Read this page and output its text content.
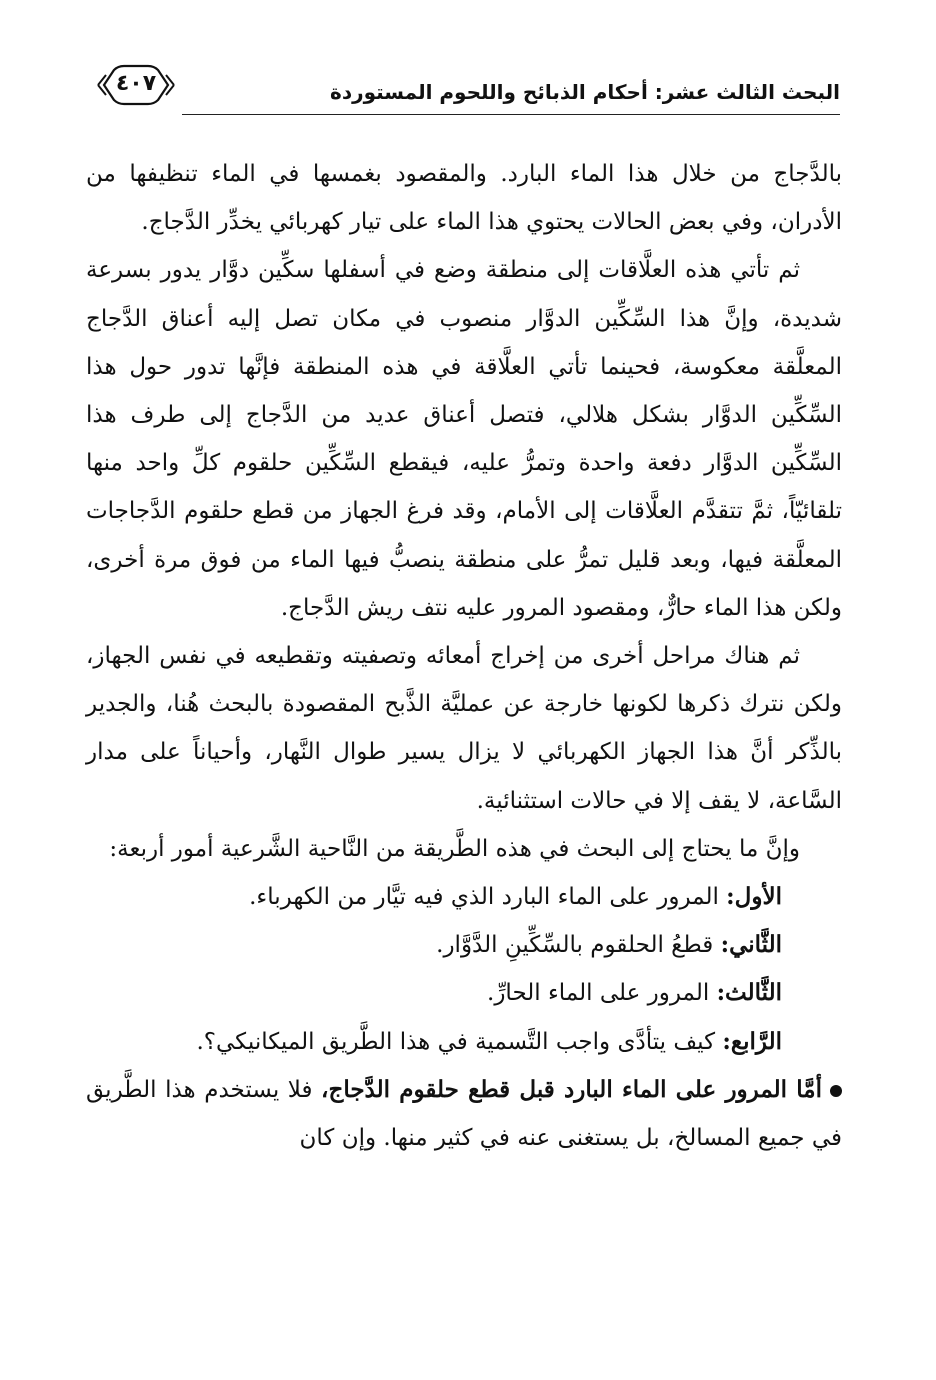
٤٠٧	البحث الثالث عشر: أحكام الذبائح واللحوم المستوردة

بالدَّجاج من خلال هذا الماء البارد. والمقصود بغمسها في الماء تنظيفها من الأدران، وفي بعض الحالات يحتوي هذا الماء على تيار كهربائي يخدِّر الدَّجاج.

ثم تأتي هذه العلَّاقات إلى منطقة وضع في أسفلها سكِّين دوَّار يدور بسرعة شديدة، وإنَّ هذا السِّكِّين الدوَّار منصوب في مكان تصل إليه أعناق الدَّجاج المعلَّقة معكوسة، فحينما تأتي العلَّاقة في هذه المنطقة فإنَّها تدور حول هذا السِّكِّين الدوَّار بشكل هلالي، فتصل أعناق عديد من الدَّجاج إلى طرف هذا السِّكِّين الدوَّار دفعة واحدة وتمرُّ عليه، فيقطع السِّكِّين حلقوم كلِّ واحد منها تلقائيّاً، ثمَّ تتقدَّم العلَّاقات إلى الأمام، وقد فرغ الجهاز من قطع حلقوم الدَّجاجات المعلَّقة فيها، وبعد قليل تمرُّ على منطقة ينصبُّ فيها الماء من فوق مرة أخرى، ولكن هذا الماء حارٌّ، ومقصود المرور عليه نتف ريش الدَّجاج.

ثم هناك مراحل أخرى من إخراج أمعائه وتصفيته وتقطيعه في نفس الجهاز، ولكن نترك ذكرها لكونها خارجة عن عمليَّة الذَّبح المقصودة بالبحث هُنا، والجدير بالذِّكر أنَّ هذا الجهاز الكهربائي لا يزال يسير طوال النَّهار، وأحياناً على مدار السَّاعة، لا يقف إلا في حالات استثنائية.

وإنَّ ما يحتاج إلى البحث في هذه الطَّريقة من النَّاحية الشَّرعية أمور أربعة:

الأول: المرور على الماء البارد الذي فيه تيَّار من الكهرباء.
الثَّاني: قطعُ الحلقوم بالسِّكِّينِ الدَّوَّار.
الثَّالث: المرور على الماء الحارِّ.
الرَّابع: كيف يتأدَّى واجب التَّسمية في هذا الطَّريق الميكانيكي؟.

أمَّا المرور على الماء البارد قبل قطع حلقوم الدَّجاج، فلا يستخدم هذا الطَّريق في جميع المسالخ، بل يستغنى عنه في كثير منها. وإن كان
